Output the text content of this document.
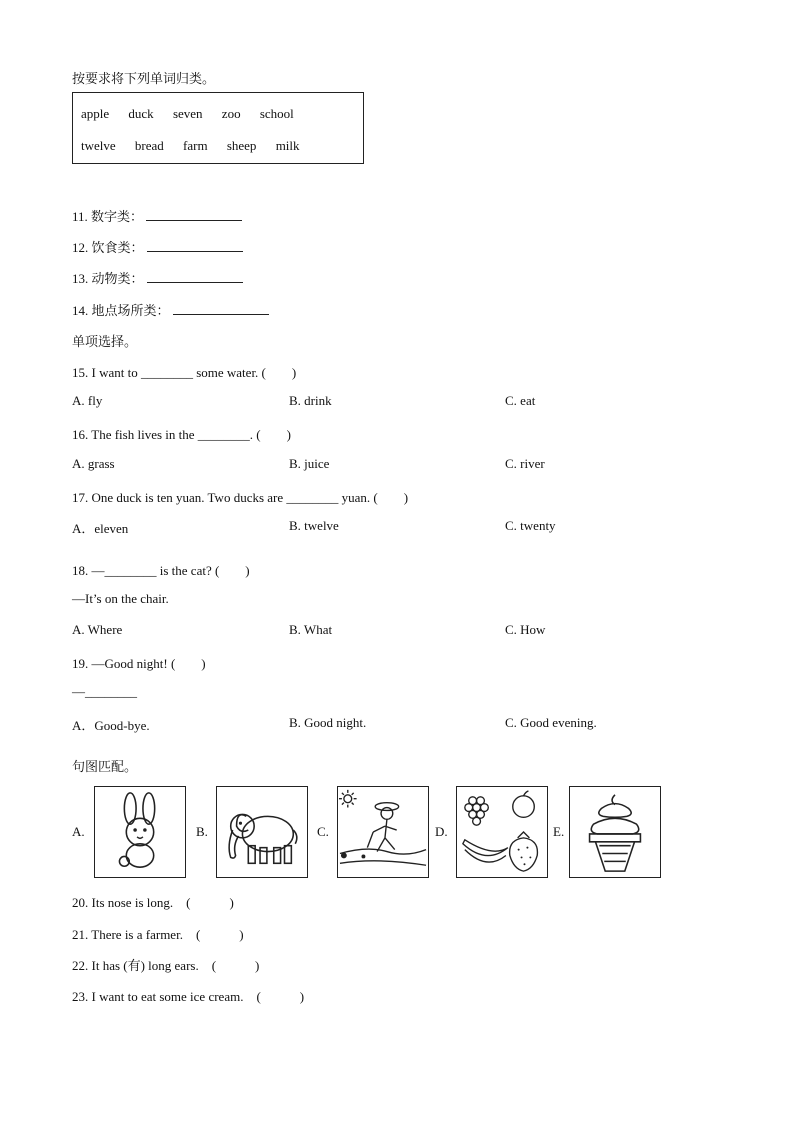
按要求将下列单词归类。
apple duck seven zoo school
twelve bread farm sheep milk
11. 数字类：
12. 饮食类：
13. 动物类：
14. 地点场所类：
单项选择。
15. I want to ________ some water. (　　)
A. fly	B. drink	C. eat
16. The fish lives in the ________. (　　)
A. grass	B. juice	C. river
17. One duck is ten yuan. Two ducks are ________ yuan. (　　)
A．eleven	B. twelve	C. twenty
18. —________ is the cat? (　　)
—It’s on the chair.
A. Where	B. What	C. How
19. —Good night! (　　)
—________
A．Good-bye.	B. Good night.	C. Good evening.
句图匹配。
A.	B.	C.	D.	E.
20. Its nose is long.　(　　　)
21. There is a farmer.　(　　　)
22. It has (有) long ears.　(　　　)
23. I want to eat some ice cream.　(　　　)
